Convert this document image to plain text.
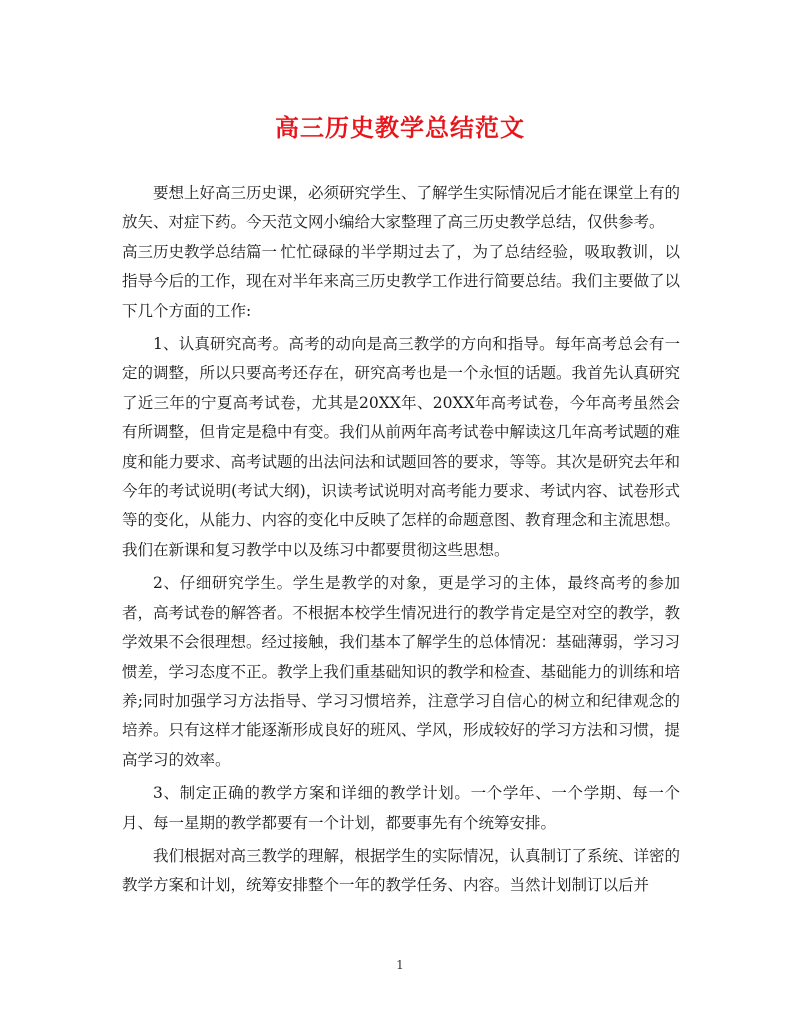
高三历史教学总结范文

要想上好高三历史课，必须研究学生、了解学生实际情况后才能在课堂上有的放矢、对症下药。今天范文网小编给大家整理了高三历史教学总结，仅供参考。

高三历史教学总结篇一 忙忙碌碌的半学期过去了，为了总结经验，吸取教训，以指导今后的工作，现在对半年来高三历史教学工作进行简要总结。我们主要做了以下几个方面的工作:

1、认真研究高考。高考的动向是高三教学的方向和指导。每年高考总会有一定的调整，所以只要高考还存在，研究高考也是一个永恒的话题。我首先认真研究了近三年的宁夏高考试卷，尤其是20XX年、20XX年高考试卷，今年高考虽然会有所调整，但肯定是稳中有变。我们从前两年高考试卷中解读这几年高考试题的难度和能力要求、高考试题的出法问法和试题回答的要求，等等。其次是研究去年和今年的考试说明(考试大纲)，识读考试说明对高考能力要求、考试内容、试卷形式等的变化，从能力、内容的变化中反映了怎样的命题意图、教育理念和主流思想。我们在新课和复习教学中以及练习中都要贯彻这些思想。

2、仔细研究学生。学生是教学的对象，更是学习的主体，最终高考的参加者，高考试卷的解答者。不根据本校学生情况进行的教学肯定是空对空的教学，教学效果不会很理想。经过接触，我们基本了解学生的总体情况：基础薄弱，学习习惯差，学习态度不正。教学上我们重基础知识的教学和检查、基础能力的训练和培养;同时加强学习方法指导、学习习惯培养，注意学习自信心的树立和纪律观念的培养。只有这样才能逐渐形成良好的班风、学风，形成较好的学习方法和习惯，提高学习的效率。

3、制定正确的教学方案和详细的教学计划。一个学年、一个学期、每一个月、每一星期的教学都要有一个计划，都要事先有个统筹安排。

我们根据对高三教学的理解，根据学生的实际情况，认真制订了系统、详密的教学方案和计划，统筹安排整个一年的教学任务、内容。当然计划制订以后并

1
